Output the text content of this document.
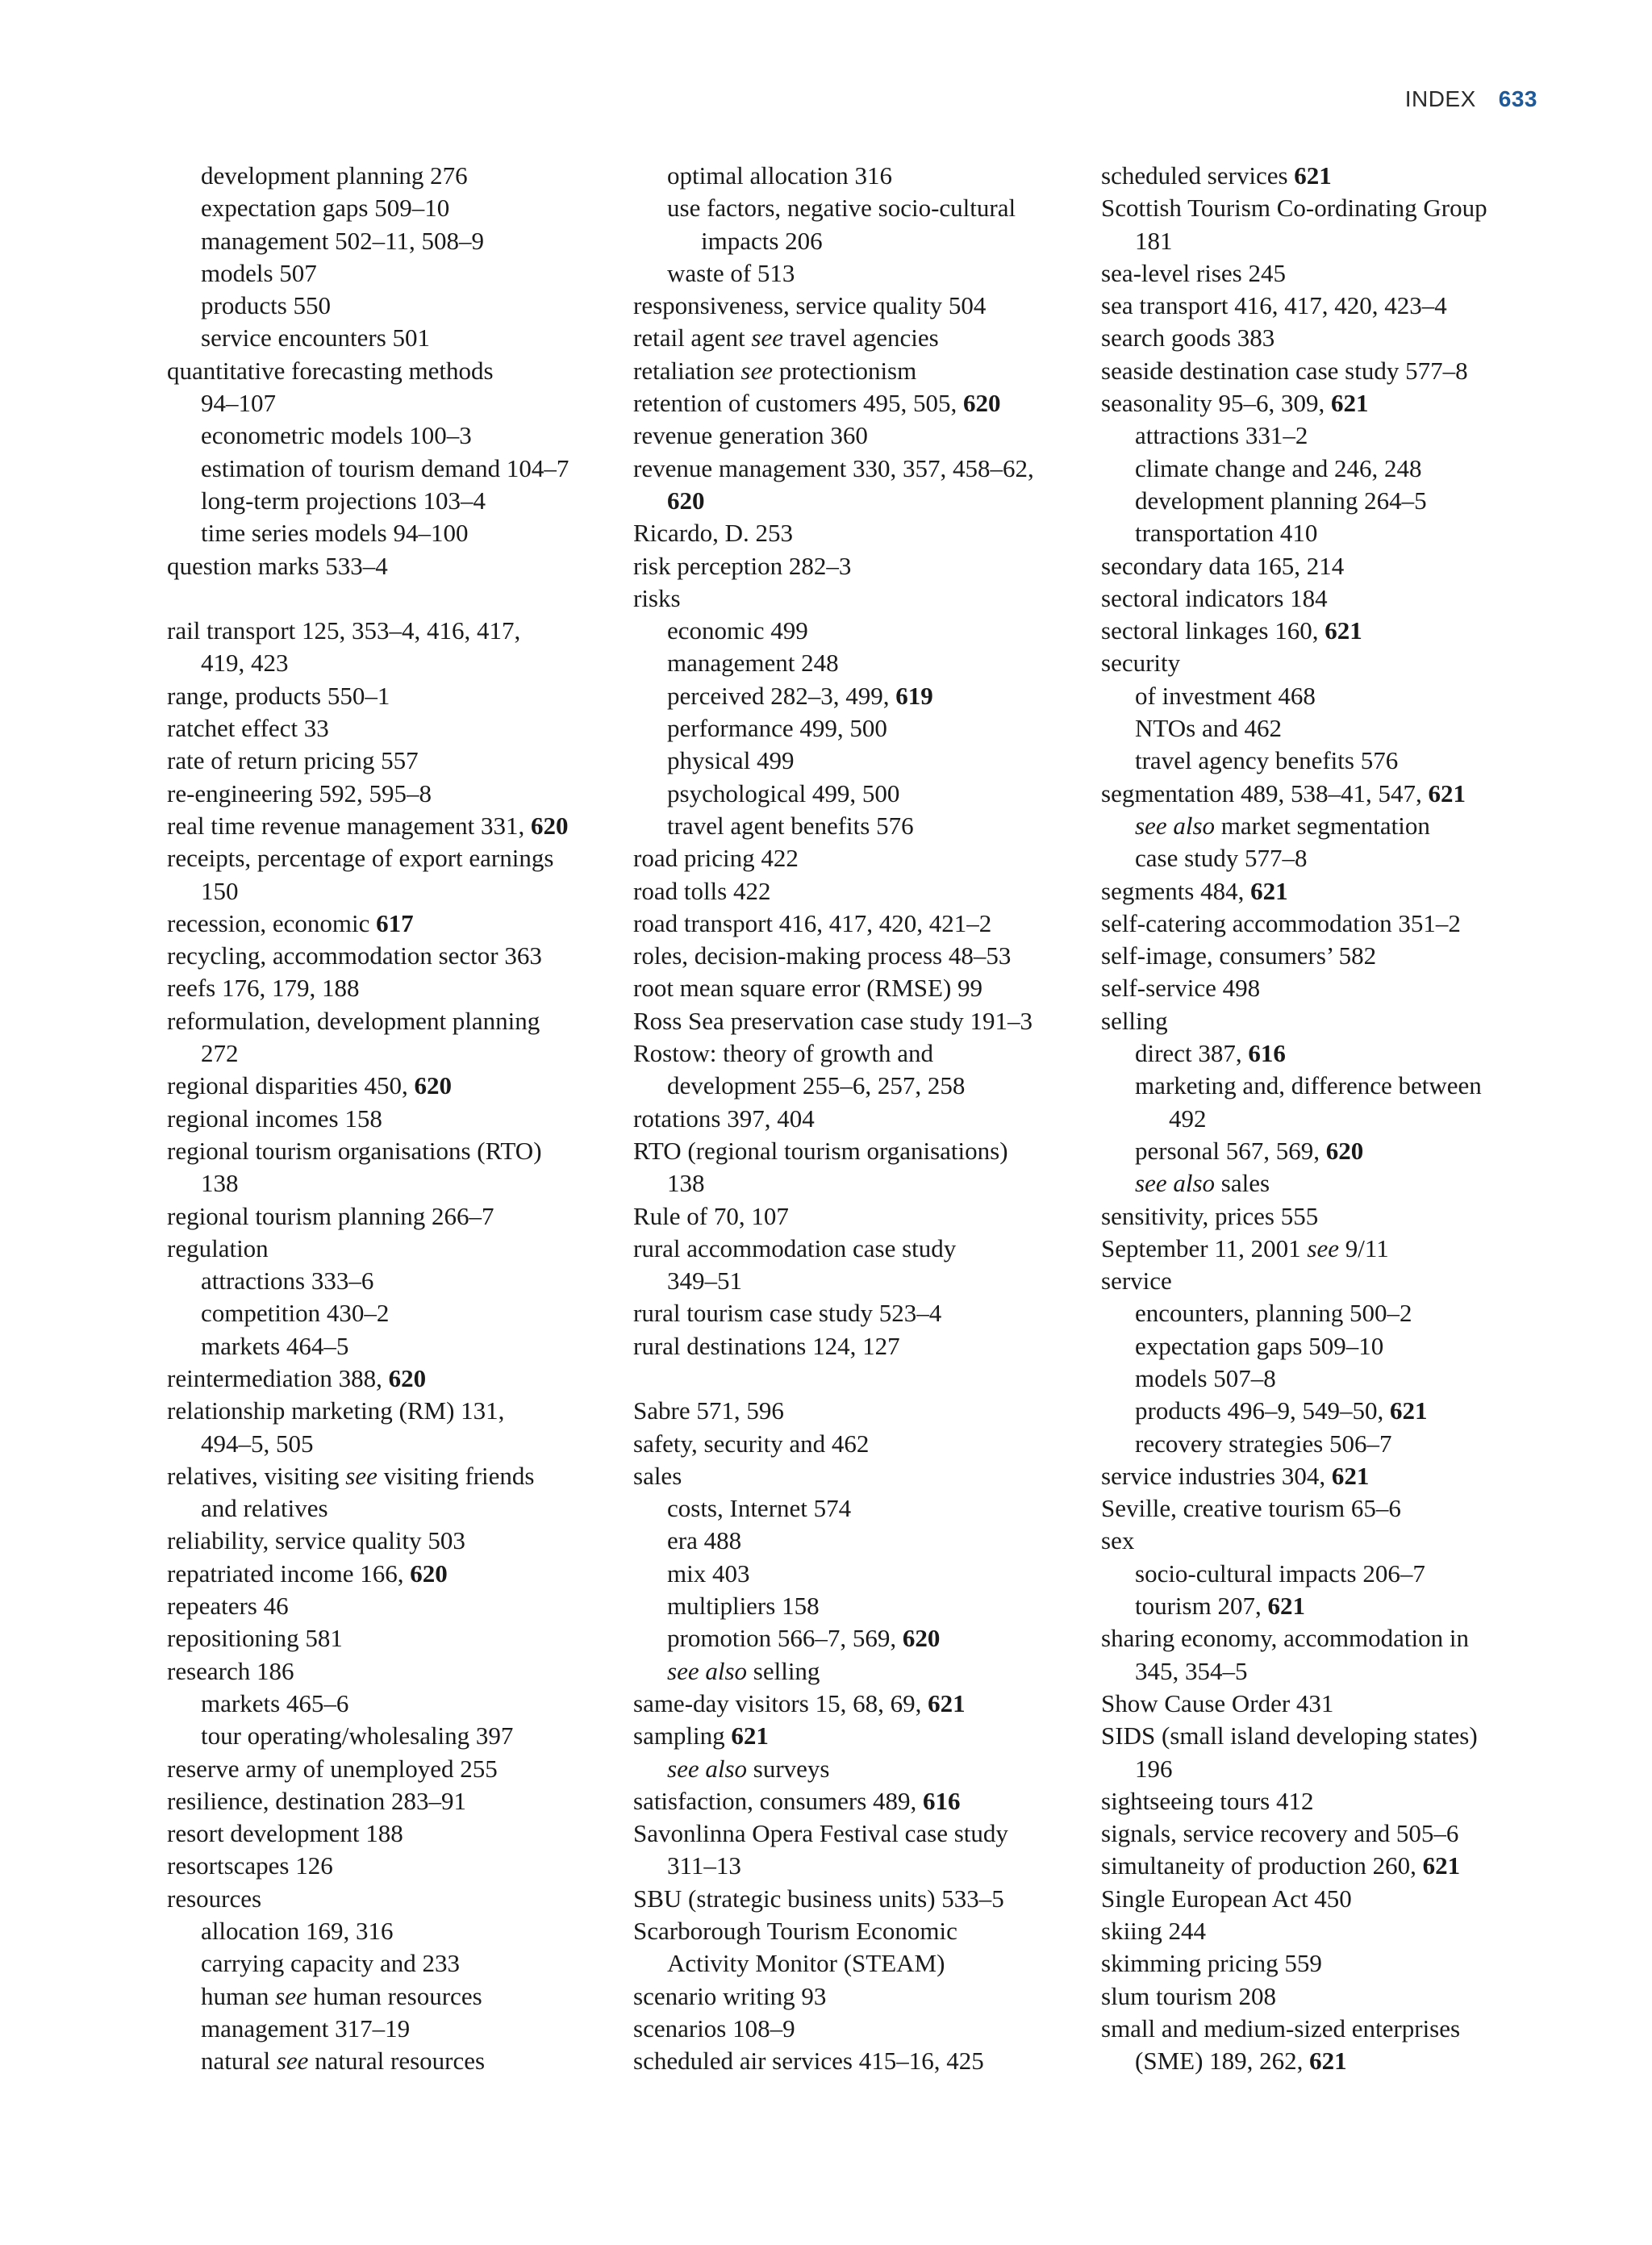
INDEX 633
development planning 276
expectation gaps 509–10
management 502–11, 508–9
models 507
products 550
service encounters 501
quantitative forecasting methods
94–107
econometric models 100–3
estimation of tourism demand 104–7
long-term projections 103–4
time series models 94–100
question marks 533–4
rail transport 125, 353–4, 416, 417,
419, 423
range, products 550–1
ratchet effect 33
rate of return pricing 557
re-engineering 592, 595–8
real time revenue management 331, 620
receipts, percentage of export earnings
150
recession, economic 617
recycling, accommodation sector 363
reefs 176, 179, 188
reformulation, development planning
272
regional disparities 450, 620
regional incomes 158
regional tourism organisations (RTO)
138
regional tourism planning 266–7
regulation
attractions 333–6
competition 430–2
markets 464–5
reintermediation 388, 620
relationship marketing (RM) 131,
494–5, 505
relatives, visiting see visiting friends
and relatives
reliability, service quality 503
repatriated income 166, 620
repeaters 46
repositioning 581
research 186
markets 465–6
tour operating/wholesaling 397
reserve army of unemployed 255
resilience, destination 283–91
resort development 188
resortscapes 126
resources
allocation 169, 316
carrying capacity and 233
human see human resources
management 317–19
natural see natural resources
optimal allocation 316
use factors, negative socio-cultural
impacts 206
waste of 513
responsiveness, service quality 504
retail agent see travel agencies
retaliation see protectionism
retention of customers 495, 505, 620
revenue generation 360
revenue management 330, 357, 458–62,
620
Ricardo, D. 253
risk perception 282–3
risks
economic 499
management 248
perceived 282–3, 499, 619
performance 499, 500
physical 499
psychological 499, 500
travel agent benefits 576
road pricing 422
road tolls 422
road transport 416, 417, 420, 421–2
roles, decision-making process 48–53
root mean square error (RMSE) 99
Ross Sea preservation case study 191–3
Rostow: theory of growth and
development 255–6, 257, 258
rotations 397, 404
RTO (regional tourism organisations)
138
Rule of 70, 107
rural accommodation case study
349–51
rural tourism case study 523–4
rural destinations 124, 127
Sabre 571, 596
safety, security and 462
sales
costs, Internet 574
era 488
mix 403
multipliers 158
promotion 566–7, 569, 620
see also selling
same-day visitors 15, 68, 69, 621
sampling 621
see also surveys
satisfaction, consumers 489, 616
Savonlinna Opera Festival case study
311–13
SBU (strategic business units) 533–5
Scarborough Tourism Economic
Activity Monitor (STEAM)
scenario writing 93
scenarios 108–9
scheduled air services 415–16, 425
scheduled services 621
Scottish Tourism Co-ordinating Group
181
sea-level rises 245
sea transport 416, 417, 420, 423–4
search goods 383
seaside destination case study 577–8
seasonality 95–6, 309, 621
attractions 331–2
climate change and 246, 248
development planning 264–5
transportation 410
secondary data 165, 214
sectoral indicators 184
sectoral linkages 160, 621
security
of investment 468
NTOs and 462
travel agency benefits 576
segmentation 489, 538–41, 547, 621
see also market segmentation
case study 577–8
segments 484, 621
self-catering accommodation 351–2
self-image, consumers’ 582
self-service 498
selling
direct 387, 616
marketing and, difference between
492
personal 567, 569, 620
see also sales
sensitivity, prices 555
September 11, 2001 see 9/11
service
encounters, planning 500–2
expectation gaps 509–10
models 507–8
products 496–9, 549–50, 621
recovery strategies 506–7
service industries 304, 621
Seville, creative tourism 65–6
sex
socio-cultural impacts 206–7
tourism 207, 621
sharing economy, accommodation in
345, 354–5
Show Cause Order 431
SIDS (small island developing states)
196
sightseeing tours 412
signals, service recovery and 505–6
simultaneity of production 260, 621
Single European Act 450
skiing 244
skimming pricing 559
slum tourism 208
small and medium-sized enterprises
(SME) 189, 262, 621
